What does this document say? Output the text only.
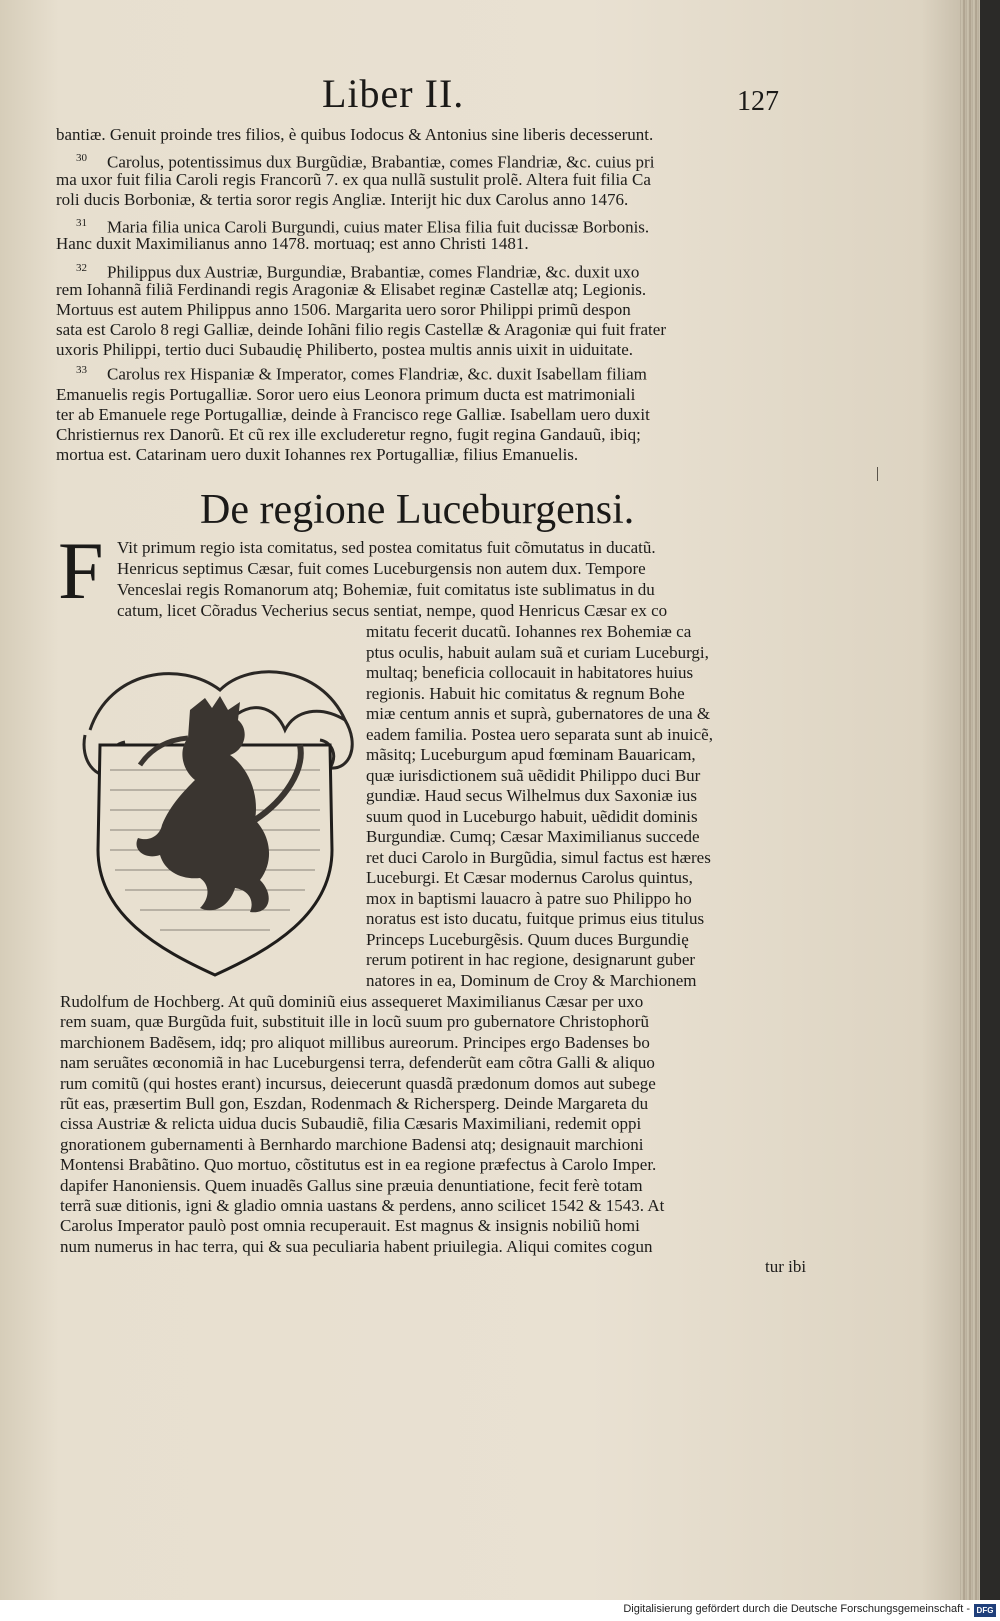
Liber II.	127
bantiæ. Genuit proinde tres filios, è quibus Iodocus & Antonius sine liberis decesserunt.
$^{30}$ Carolus, potentissimus dux Burgũdiæ, Brabantiæ, comes Flandriæ, &c. cuius pri
ma uxor fuit filia Caroli regis Francorũ 7. ex qua nullã sustulit prolẽ. Altera fuit filia Ca
roli ducis Borboniæ, & tertia soror regis Angliæ. Interijt hic dux Carolus anno 1476.
$^{31}$ Maria filia unica Caroli Burgundi, cuius mater Elisa filia fuit ducissæ Borbonis.
Hanc duxit Maximilianus anno 1478. mortuaq; est anno Christi 1481.
$^{32}$ Philippus dux Austriæ, Burgundiæ, Brabantiæ, comes Flandriæ, &c. duxit uxo
rem Iohannã filiã Ferdinandi regis Aragoniæ & Elisabet reginæ Castellæ atq; Legionis.
Mortuus est autem Philippus anno 1506. Margarita uero soror Philippi primũ despon
sata est Carolo 8 regi Galliæ, deinde Iohãni filio regis Castellæ & Aragoniæ qui fuit frater
uxoris Philippi, tertio duci Subaudię Philiberto, postea multis annis uixit in uiduitate.
$^{33}$ Carolus rex Hispaniæ & Imperator, comes Flandriæ, &c. duxit Isabellam filiam
Emanuelis regis Portugalliæ. Soror uero eius Leonora primum ducta est matrimoniali
ter ab Emanuele rege Portugalliæ, deinde à Francisco rege Galliæ. Isabellam uero duxit
Christiernus rex Danorũ. Et cũ rex ille excluderetur regno, fugit regina Gandauũ, ibiq;
mortua est. Catarinam uero duxit Iohannes rex Portugalliæ, filius Emanuelis.
De regione Luceburgensi.
F Vit primum regio ista comitatus, sed postea comitatus fuit cõmutatus in ducatũ.
Henricus septimus Cæsar, fuit comes Luceburgensis non autem dux. Tempore
Venceslai regis Romanorum atq; Bohemiæ, fuit comitatus iste sublimatus in du
catum, licet Cõradus Vecherius secus sentiat, nempe, quod Henricus Cæsar ex co
mitatu fecerit ducatũ. Iohannes rex Bohemiæ ca
ptus oculis, habuit aulam suã et curiam Luceburgi,
multaq; beneficia collocauit in habitatores huius
regionis. Habuit hic comitatus & regnum Bohe
miæ centum annis et suprà, gubernatores de una &
eadem familia. Postea uero separata sunt ab inuicẽ,
mãsitq; Luceburgum apud fœminam Bauaricam,
quæ iurisdictionem suã uẽdidit Philippo duci Bur
gundiæ. Haud secus Wilhelmus dux Saxoniæ ius
suum quod in Luceburgo habuit, uẽdidit dominis
Burgundiæ. Cumq; Cæsar Maximilianus succede
ret duci Carolo in Burgũdia, simul factus est hæres
Luceburgi. Et Cæsar modernus Carolus quintus,
mox in baptismi lauacro à patre suo Philippo ho
noratus est isto ducatu, fuitque primus eius titulus
Princeps Luceburgẽsis. Quum duces Burgundię
rerum potirent in hac regione, designarunt guber
natores in ea, Dominum de Croy & Marchionem
Rudolfum de Hochberg. At quũ dominiũ eius assequeret Maximilianus Cæsar per uxo
rem suam, quæ Burgũda fuit, substituit ille in locũ suum pro gubernatore Christophorũ
marchionem Badẽsem, idq; pro aliquot millibus aureorum. Principes ergo Badenses bo
nam seruãtes œconomiã in hac Luceburgensi terra, defenderũt eam cõtra Galli & aliquo
rum comitũ (qui hostes erant) incursus, deiecerunt quasdã prædonum domos aut subege
rũt eas, præsertim Bull gon, Eszdan, Rodenmach & Richersperg. Deinde Margareta du
cissa Austriæ & relicta uidua ducis Subaudiẽ, filia Cæsaris Maximiliani, redemit oppi
gnorationem gubernamenti à Bernhardo marchione Badensi atq; designauit marchioni
Montensi Brabãtino. Quo mortuo, cõstitutus est in ea regione præfectus à Carolo Imper.
dapifer Hanoniensis. Quem inuadẽs Gallus sine præuia denuntiatione, fecit ferè totam
terrã suæ ditionis, igni & gladio omnia uastans & perdens, anno scilicet 1542 & 1543. At
Carolus Imperator paulò post omnia recuperauit. Est magnus & insignis nobiliũ homi
num numerus in hac terra, qui & sua peculiaria habent priuilegia. Aliqui comites cogun
tur ibi
Digitalisierung gefördert durch die Deutsche Forschungsgemeinschaft - DFG
